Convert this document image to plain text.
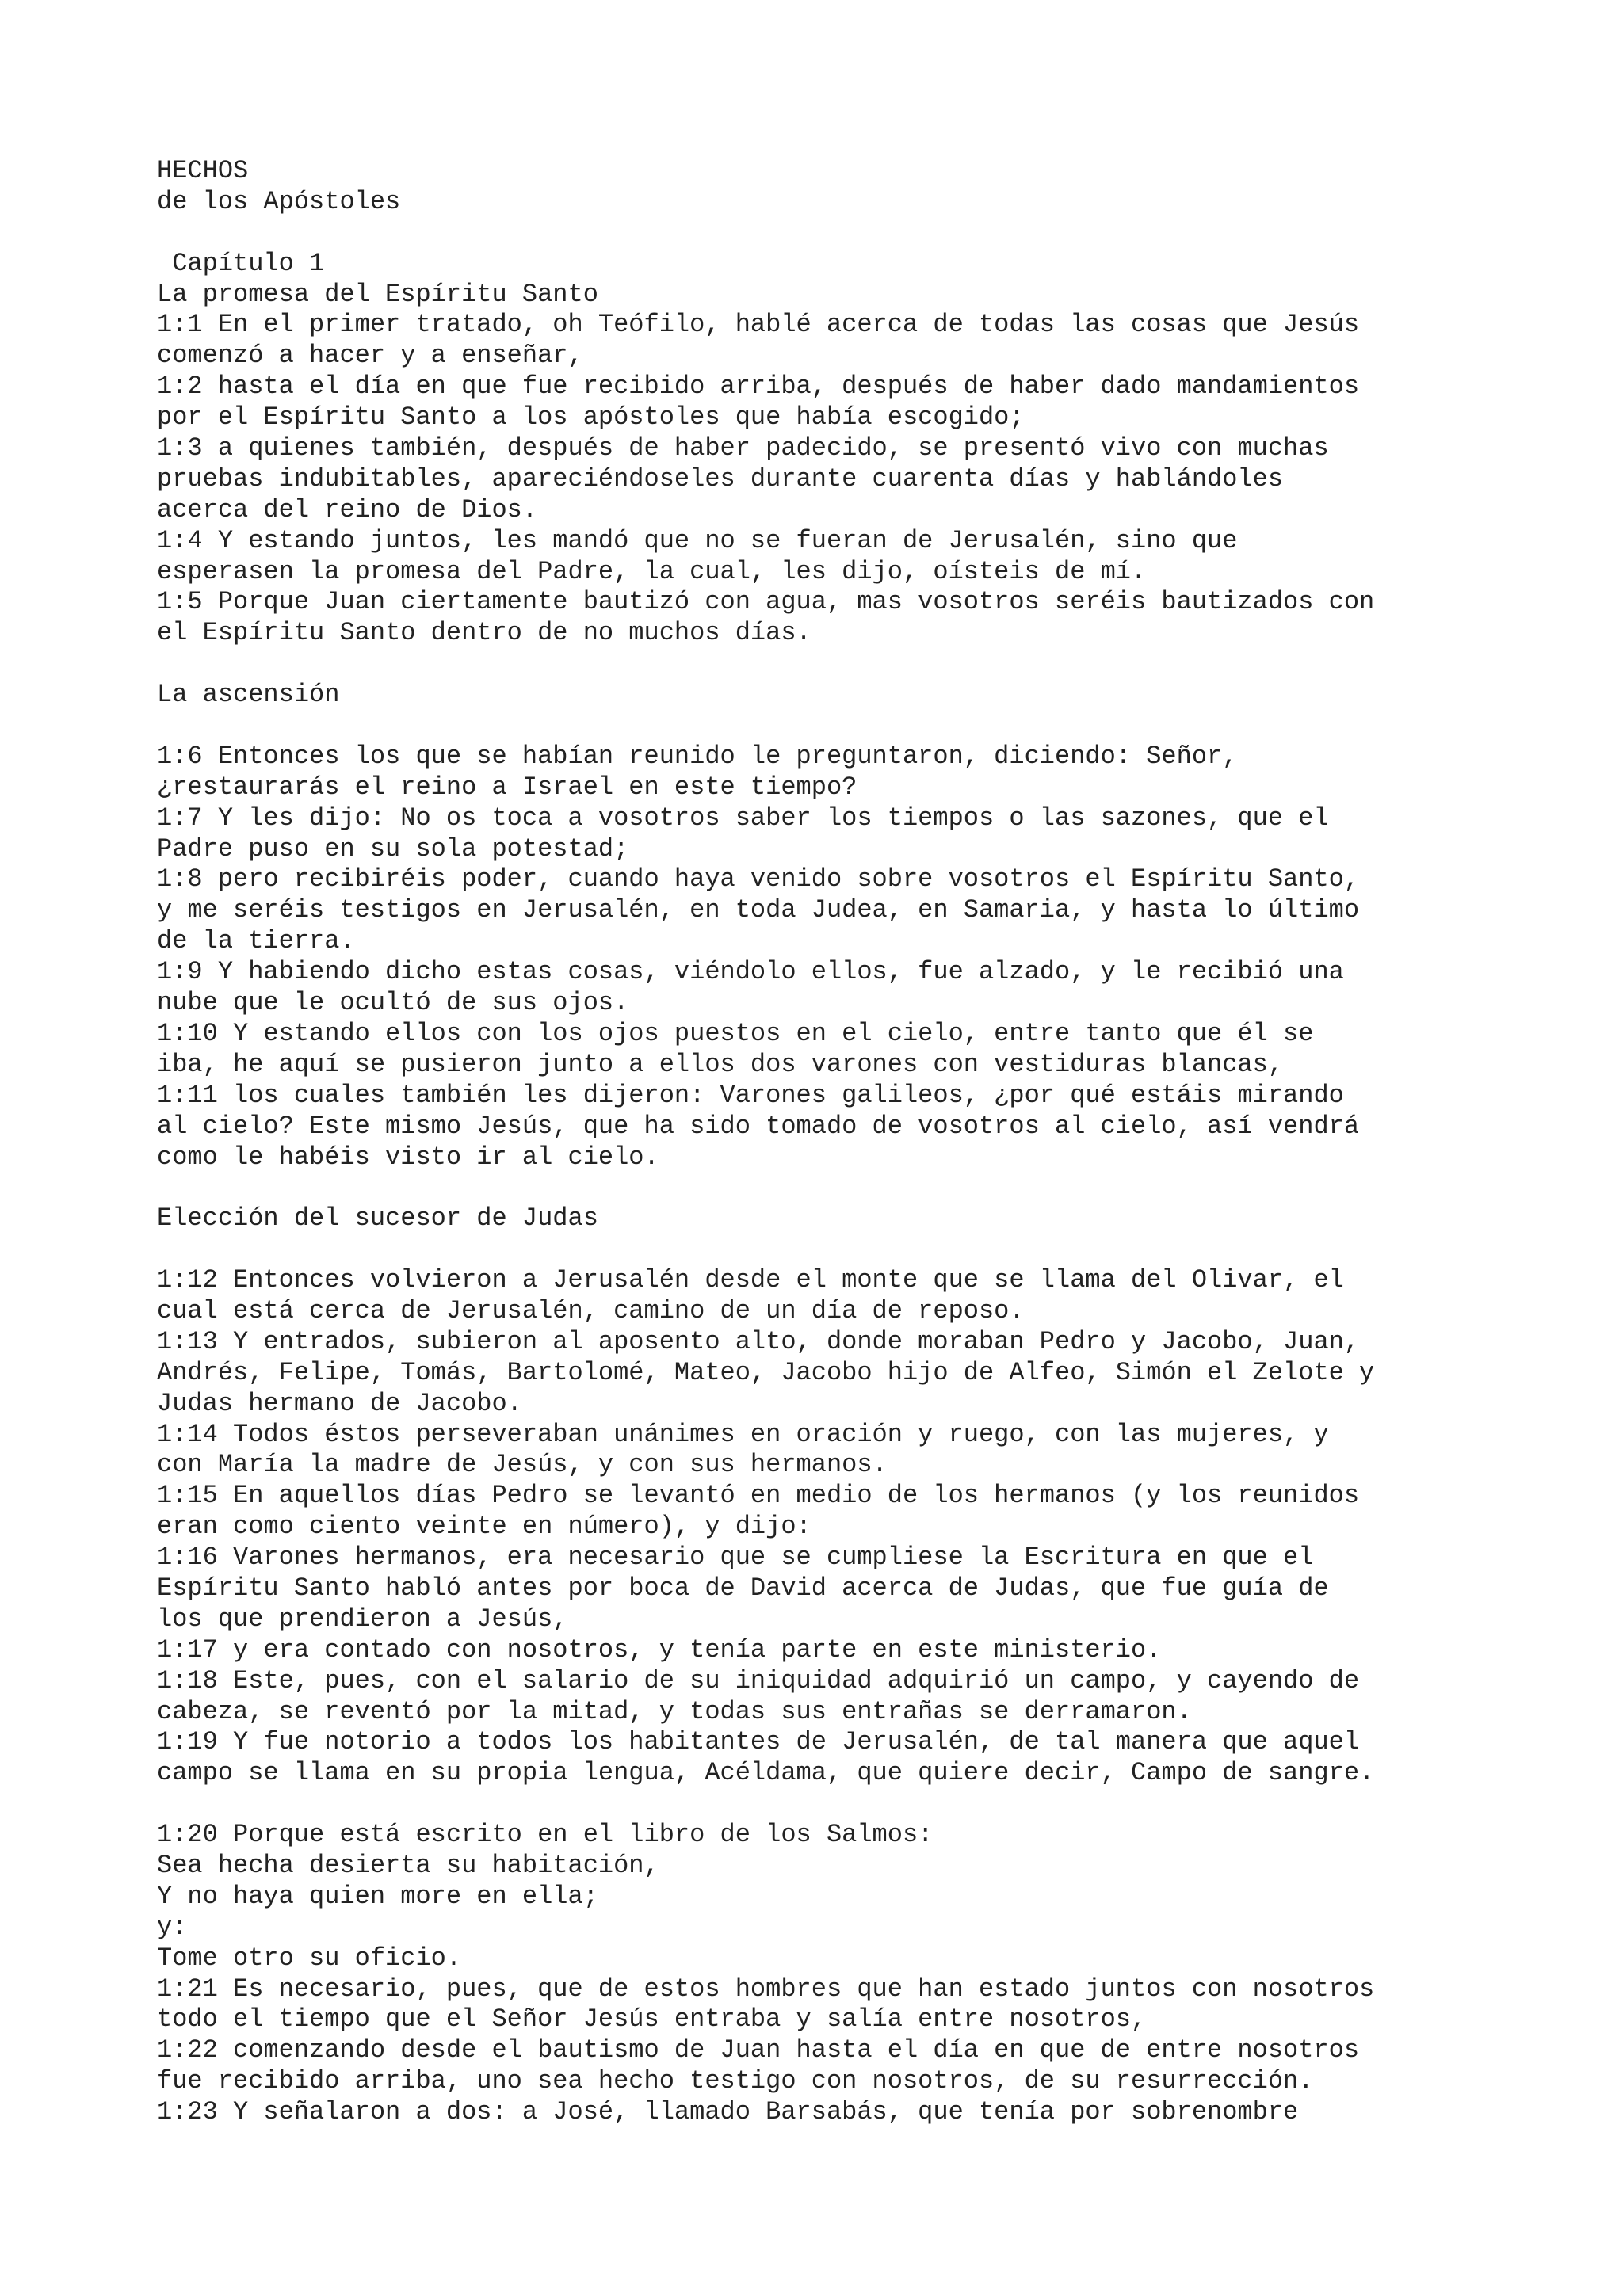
HECHOS
de los Apóstoles
Capítulo 1
La promesa del Espíritu Santo
1:1 En el primer tratado, oh Teófilo, hablé acerca de todas las cosas que Jesús
comenzó a hacer y a enseñar,
1:2 hasta el día en que fue recibido arriba, después de haber dado mandamientos
por el Espíritu Santo a los apóstoles que había escogido;
1:3 a quienes también, después de haber padecido, se presentó vivo con muchas
pruebas indubitables, apareciéndoseles durante cuarenta días y hablándoles
acerca del reino de Dios.
1:4 Y estando juntos, les mandó que no se fueran de Jerusalén, sino que
esperasen la promesa del Padre, la cual, les dijo, oísteis de mí.
1:5 Porque Juan ciertamente bautizó con agua, mas vosotros seréis bautizados con
el Espíritu Santo dentro de no muchos días.
La ascensión
1:6 Entonces los que se habían reunido le preguntaron, diciendo: Señor,
¿restaurarás el reino a Israel en este tiempo?
1:7 Y les dijo: No os toca a vosotros saber los tiempos o las sazones, que el
Padre puso en su sola potestad;
1:8 pero recibiréis poder, cuando haya venido sobre vosotros el Espíritu Santo,
y me seréis testigos en Jerusalén, en toda Judea, en Samaria, y hasta lo último
de la tierra.
1:9 Y habiendo dicho estas cosas, viéndolo ellos, fue alzado, y le recibió una
nube que le ocultó de sus ojos.
1:10 Y estando ellos con los ojos puestos en el cielo, entre tanto que él se
iba, he aquí se pusieron junto a ellos dos varones con vestiduras blancas,
1:11 los cuales también les dijeron: Varones galileos, ¿por qué estáis mirando
al cielo? Este mismo Jesús, que ha sido tomado de vosotros al cielo, así vendrá
como le habéis visto ir al cielo.
Elección del sucesor de Judas
1:12 Entonces volvieron a Jerusalén desde el monte que se llama del Olivar, el
cual está cerca de Jerusalén, camino de un día de reposo.
1:13 Y entrados, subieron al aposento alto, donde moraban Pedro y Jacobo, Juan,
Andrés, Felipe, Tomás, Bartolomé, Mateo, Jacobo hijo de Alfeo, Simón el Zelote y
Judas hermano de Jacobo.
1:14 Todos éstos perseveraban unánimes en oración y ruego, con las mujeres, y
con María la madre de Jesús, y con sus hermanos.
1:15 En aquellos días Pedro se levantó en medio de los hermanos (y los reunidos
eran como ciento veinte en número), y dijo:
1:16 Varones hermanos, era necesario que se cumpliese la Escritura en que el
Espíritu Santo habló antes por boca de David acerca de Judas, que fue guía de
los que prendieron a Jesús,
1:17 y era contado con nosotros, y tenía parte en este ministerio.
1:18 Este, pues, con el salario de su iniquidad adquirió un campo, y cayendo de
cabeza, se reventó por la mitad, y todas sus entrañas se derramaron.
1:19 Y fue notorio a todos los habitantes de Jerusalén, de tal manera que aquel
campo se llama en su propia lengua, Acéldama, que quiere decir, Campo de sangre.
1:20 Porque está escrito en el libro de los Salmos:
Sea hecha desierta su habitación,
Y no haya quien more en ella;
y:
Tome otro su oficio.
1:21 Es necesario, pues, que de estos hombres que han estado juntos con nosotros
todo el tiempo que el Señor Jesús entraba y salía entre nosotros,
1:22 comenzando desde el bautismo de Juan hasta el día en que de entre nosotros
fue recibido arriba, uno sea hecho testigo con nosotros, de su resurrección.
1:23 Y señalaron a dos: a José, llamado Barsabás, que tenía por sobrenombre
